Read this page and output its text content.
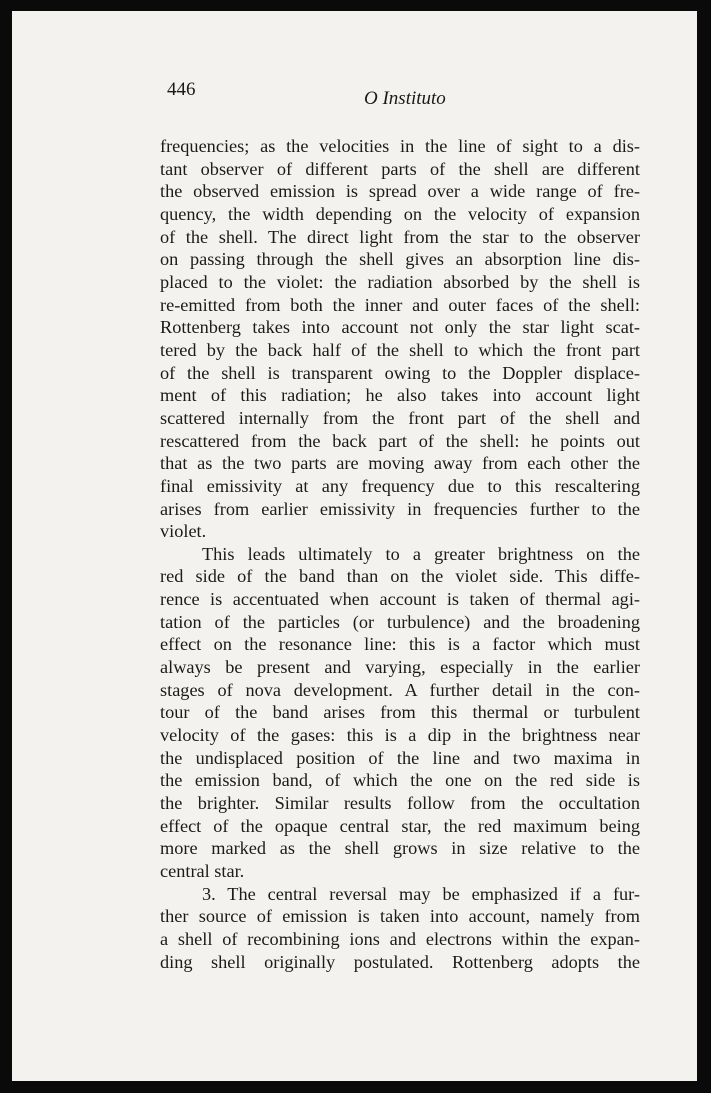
446	O Instituto
frequencies; as the velocities in the line of sight to a dis-
tant observer of different parts of the shell are different
the observed emission is spread over a wide range of fre-
quency, the width depending on the velocity of expansion
of the shell. The direct light from the star to the observer
on passing through the shell gives an absorption line dis-
placed to the violet: the radiation absorbed by the shell is
re-emitted from both the inner and outer faces of the shell:
Rottenberg takes into account not only the star light scat-
tered by the back half of the shell to which the front part
of the shell is transparent owing to the Doppler displace-
ment of this radiation; he also takes into account light
scattered internally from the front part of the shell and
rescattered from the back part of the shell: he points out
that as the two parts are moving away from each other the
final emissivity at any frequency due to this rescaltering
arises from earlier emissivity in frequencies further to the
violet.
This leads ultimately to a greater brightness on the
red side of the band than on the violet side. This diffe-
rence is accentuated when account is taken of thermal agi-
tation of the particles (or turbulence) and the broadening
effect on the resonance line: this is a factor which must
always be present and varying, especially in the earlier
stages of nova development. A further detail in the con-
tour of the band arises from this thermal or turbulent
velocity of the gases: this is a dip in the brightness near
the undisplaced position of the line and two maxima in
the emission band, of which the one on the red side is
the brighter. Similar results follow from the occultation
effect of the opaque central star, the red maximum being
more marked as the shell grows in size relative to the
central star.
3. The central reversal may be emphasized if a fur-
ther source of emission is taken into account, namely from
a shell of recombining ions and electrons within the expan-
ding shell originally postulated. Rottenberg adopts the
